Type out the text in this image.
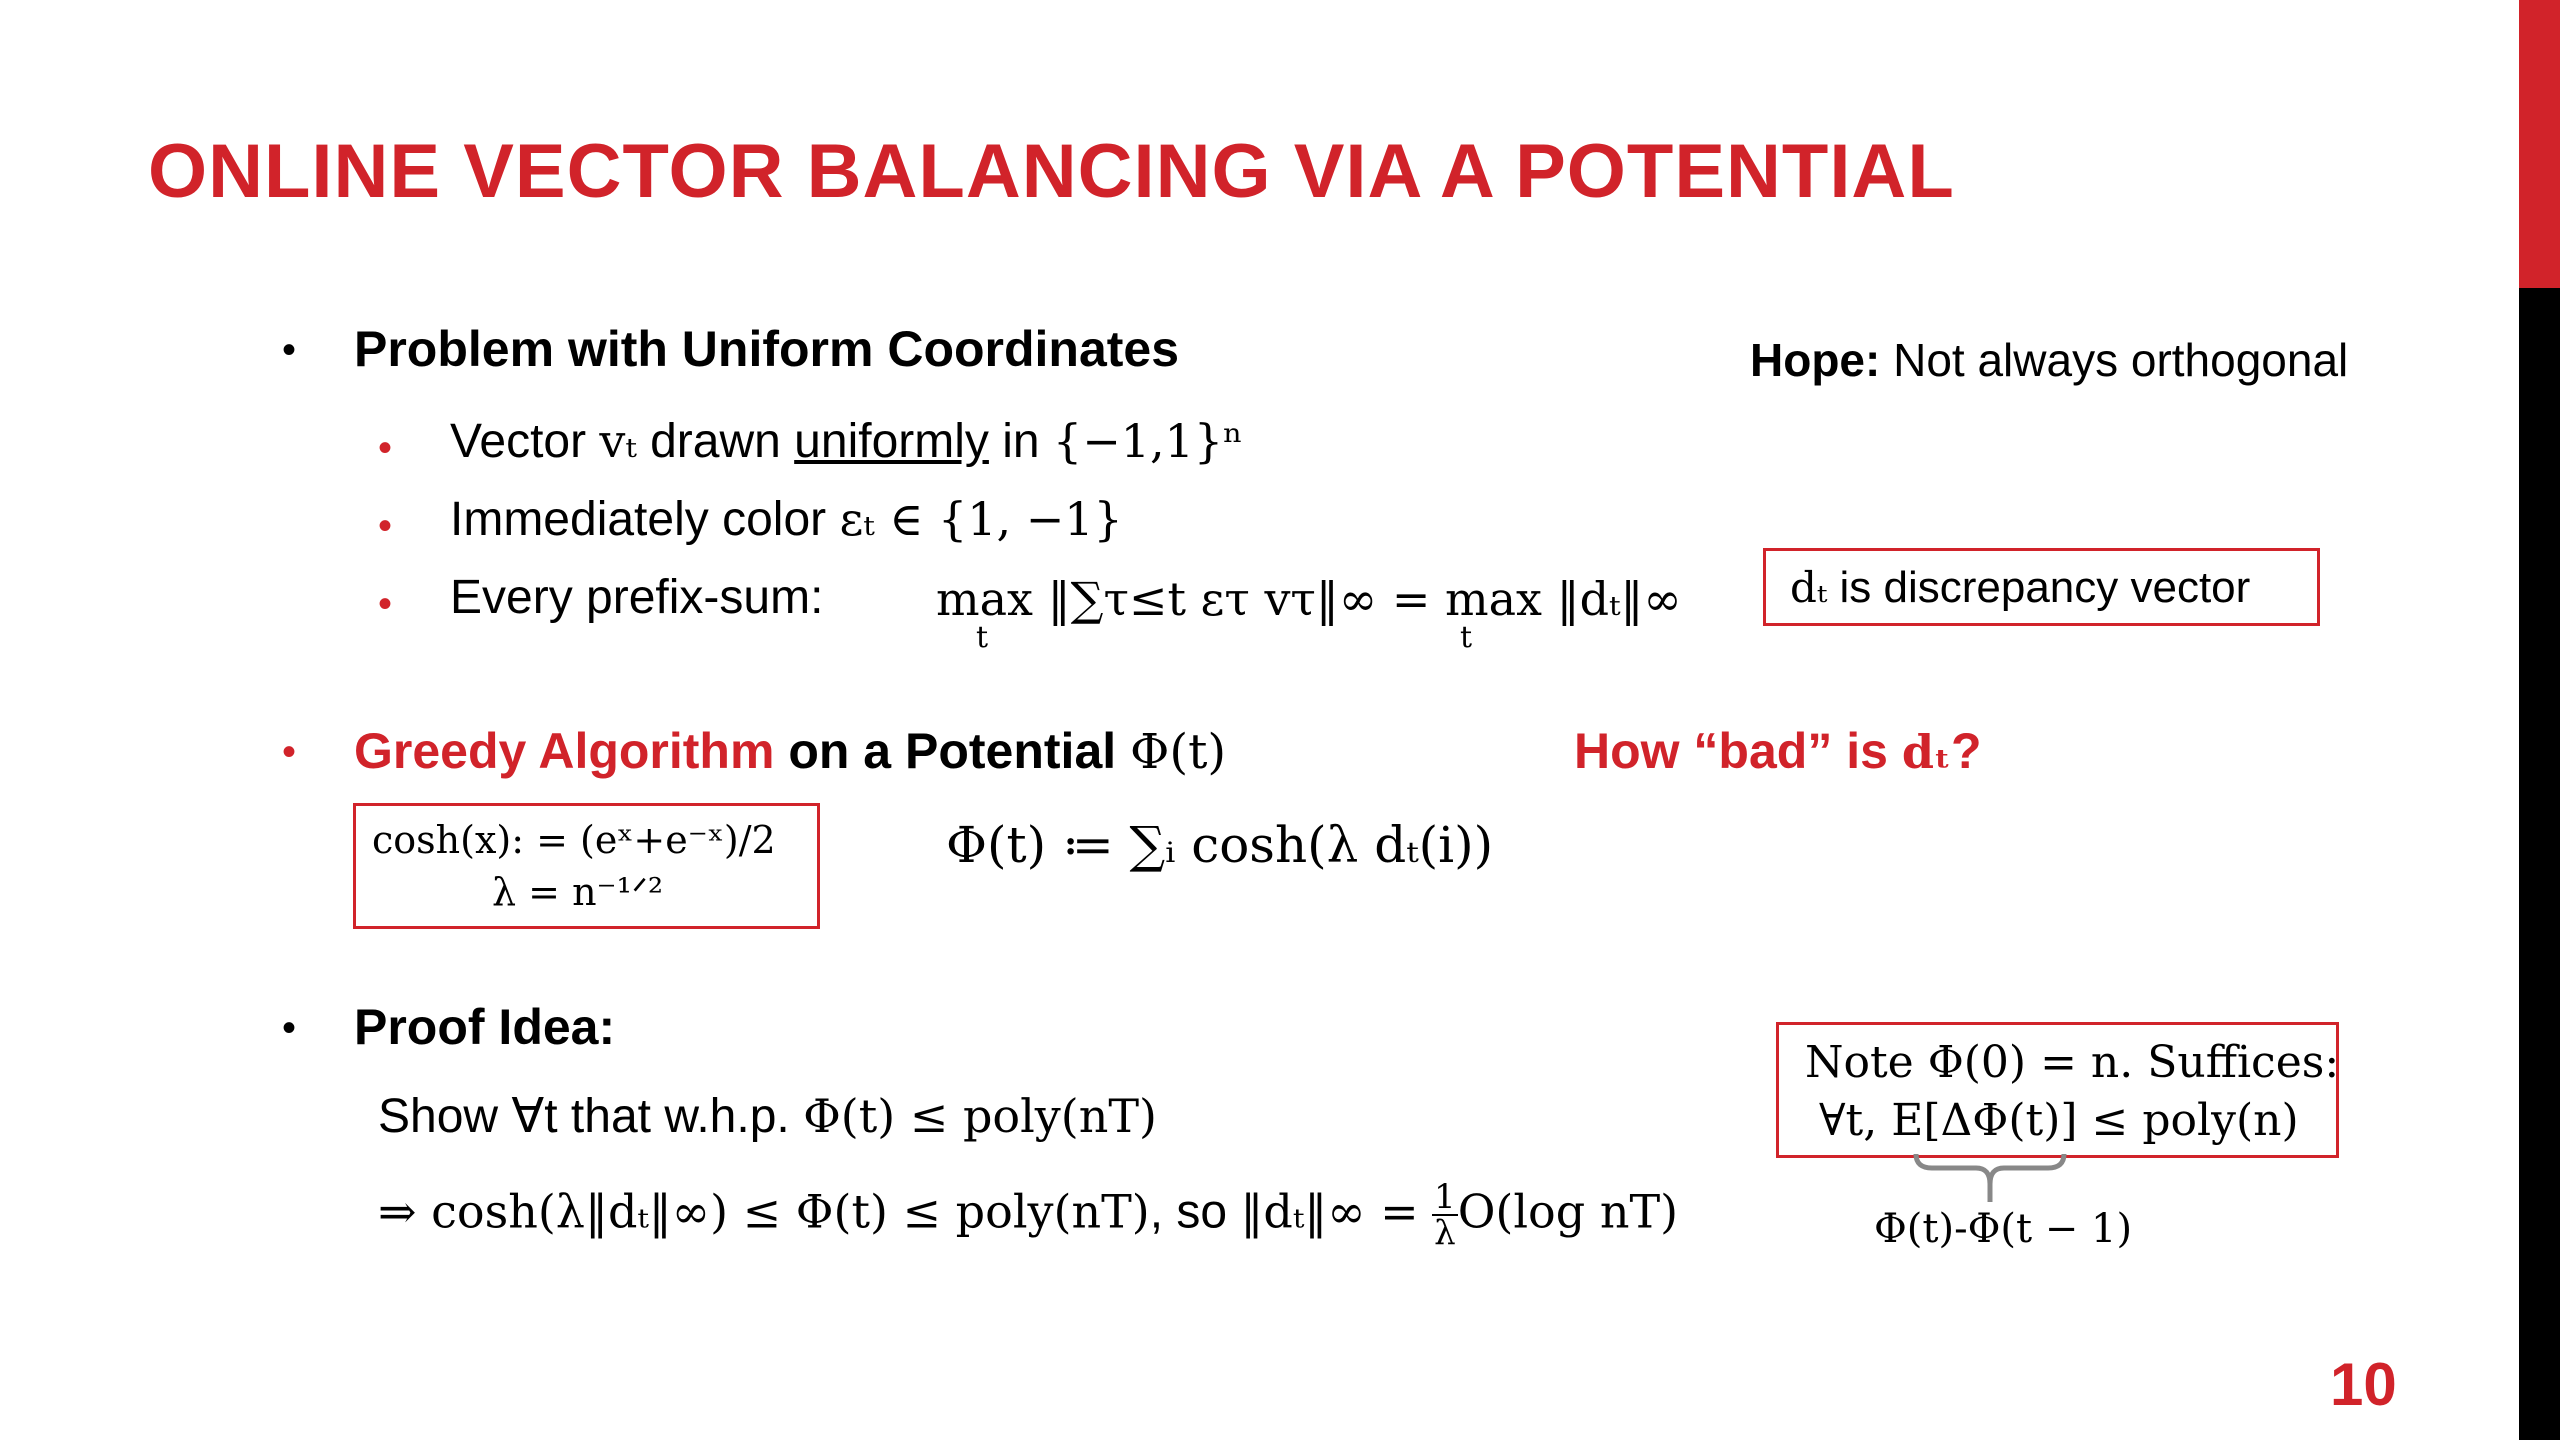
ONLINE VECTOR BALANCING VIA A POTENTIAL
• Problem with Uniform Coordinates	Hope: Not always orthogonal
• Vector vₜ drawn uniformly in {−1,1}ⁿ
• Immediately color εₜ ∈ {1, −1}
• Every prefix-sum: max ‖∑τ≤t ετ vτ‖∞ = max ‖dₜ‖∞
t	t
dₜ is discrepancy vector
• Greedy Algorithm on a Potential Φ(t)	How “bad” is dₜ?
cosh(x): = (eˣ+e⁻ˣ)/2
λ = n⁻¹ᐟ²
Φ(t) ≔ ∑ᵢ cosh(λ dₜ(i))
• Proof Idea:
Show ∀t that w.h.p. Φ(t) ≤ poly(nT)
⇒ cosh(λ‖dₜ‖∞) ≤ Φ(t) ≤ poly(nT), so ‖dₜ‖∞ = $\frac{1}{\lambda} O(\log$ nT)
Note Φ(0) = n. Suffices:
∀t, E[ΔΦ(t)] ≤ poly(n)
Φ(t)-Φ(t − 1)
10
